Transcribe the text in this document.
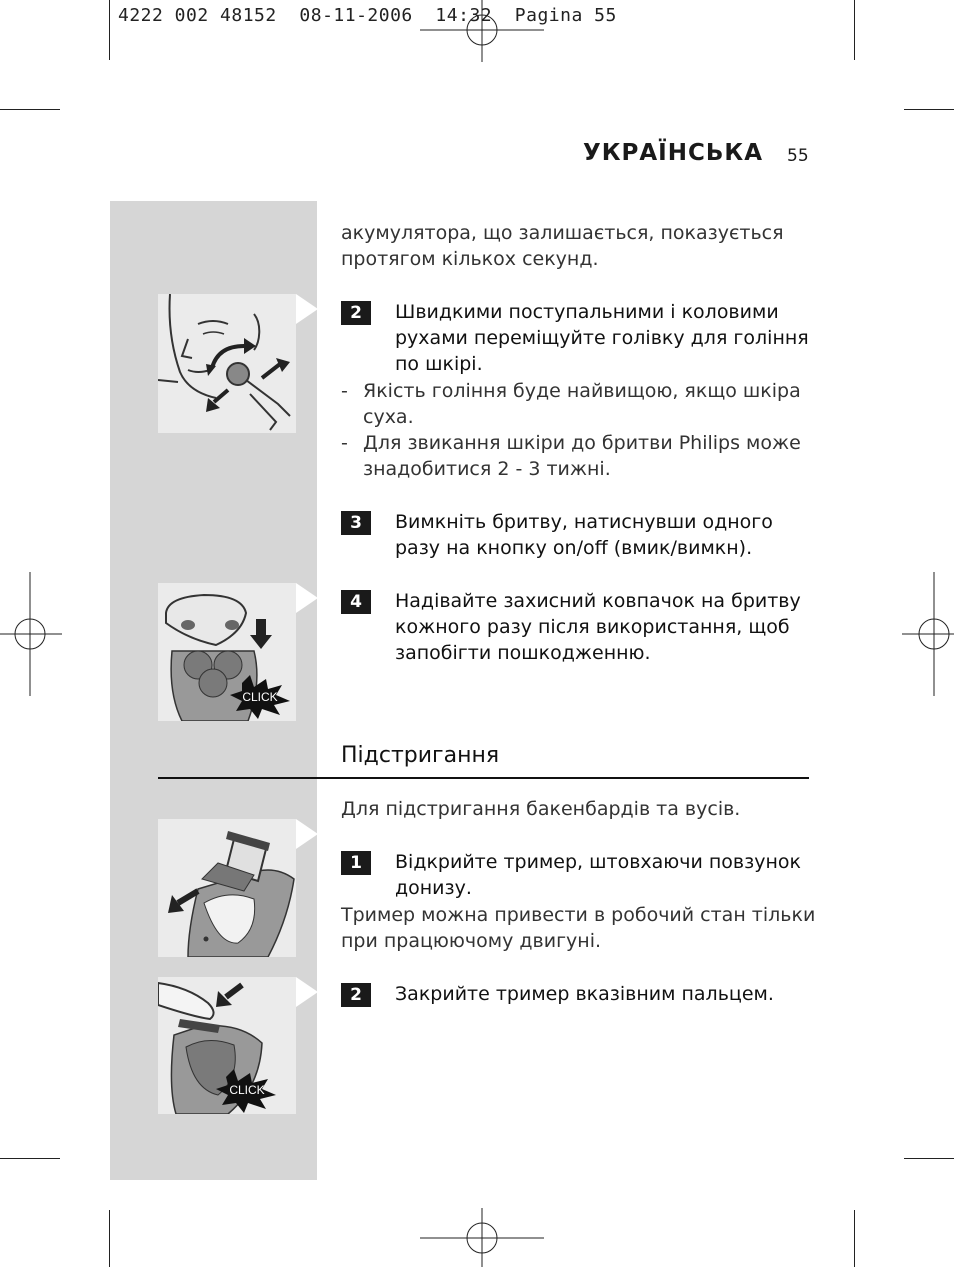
4222 002 48152  08-11-2006  14:32  Pagina 55
УКРАЇНСЬКА 55
CLICK
CLICK
акумулятора, що залишається, показується
протягом кількох секунд.
2	Швидкими поступальними і коловими
рухами переміщуйте голівку для гоління
по шкірі.
- Якість гоління буде найвищою, якщо шкіра
суха.
- Для звикання шкіри до бритви Philips може
знадобитися 2 - 3 тижні.
3	Вимкніть бритву, натиснувши одного
разу на кнопку on/off (вмик/вимкн).
4	Надівайте захисний ковпачок на бритву
кожного разу після використання, щоб
запобігти пошкодженню.
Підстригання
Для підстригання бакенбардів та вусів.
1	Відкрийте тример, штовхаючи повзунок
донизу.
Тример можна привести в робочий стан тільки
при працюючому двигуні.
2	Закрийте тример вказівним пальцем.
